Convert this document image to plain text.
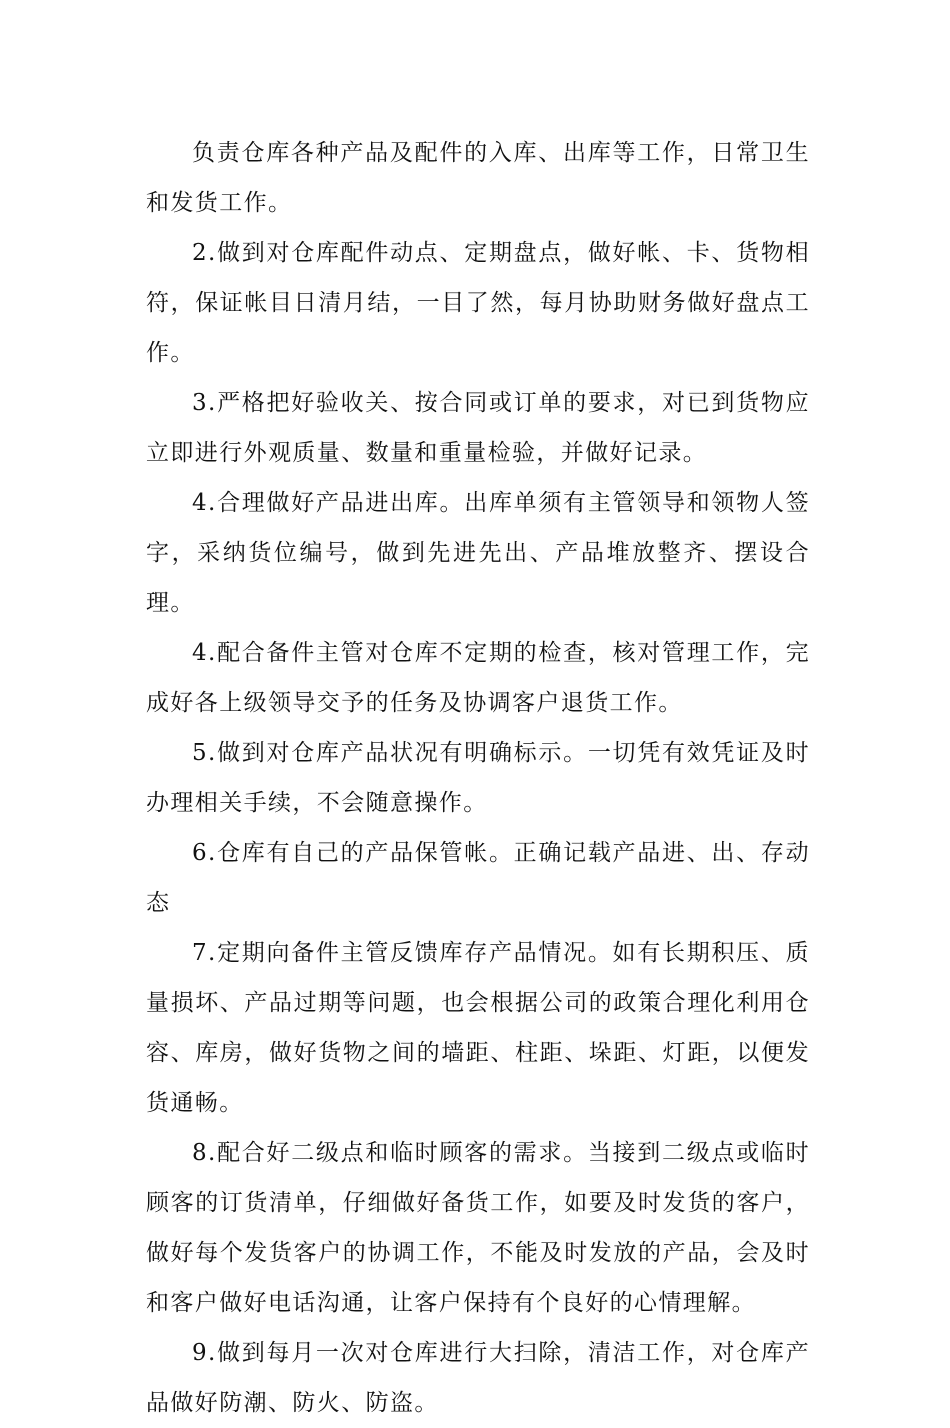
负责仓库各种产品及配件的入库、出库等工作，日常卫生和发货工作。

2.做到对仓库配件动点、定期盘点，做好帐、卡、货物相符，保证帐目日清月结，一目了然，每月协助财务做好盘点工作。

3.严格把好验收关、按合同或订单的要求，对已到货物应立即进行外观质量、数量和重量检验，并做好记录。

4.合理做好产品进出库。出库单须有主管领导和领物人签字，采纳货位编号，做到先进先出、产品堆放整齐、摆设合理。

4.配合备件主管对仓库不定期的检查，核对管理工作，完成好各上级领导交予的任务及协调客户退货工作。

5.做到对仓库产品状况有明确标示。一切凭有效凭证及时办理相关手续，不会随意操作。

6.仓库有自己的产品保管帐。正确记载产品进、出、存动态

7.定期向备件主管反馈库存产品情况。如有长期积压、质量损坏、产品过期等问题，也会根据公司的政策合理化利用仓容、库房，做好货物之间的墙距、柱距、垛距、灯距，以便发货通畅。

8.配合好二级点和临时顾客的需求。当接到二级点或临时顾客的订货清单，仔细做好备货工作，如要及时发货的客户，做好每个发货客户的协调工作，不能及时发放的产品，会及时和客户做好电话沟通，让客户保持有个良好的心情理解。

9.做到每月一次对仓库进行大扫除，清洁工作，对仓库产品做好防潮、防火、防盗。
